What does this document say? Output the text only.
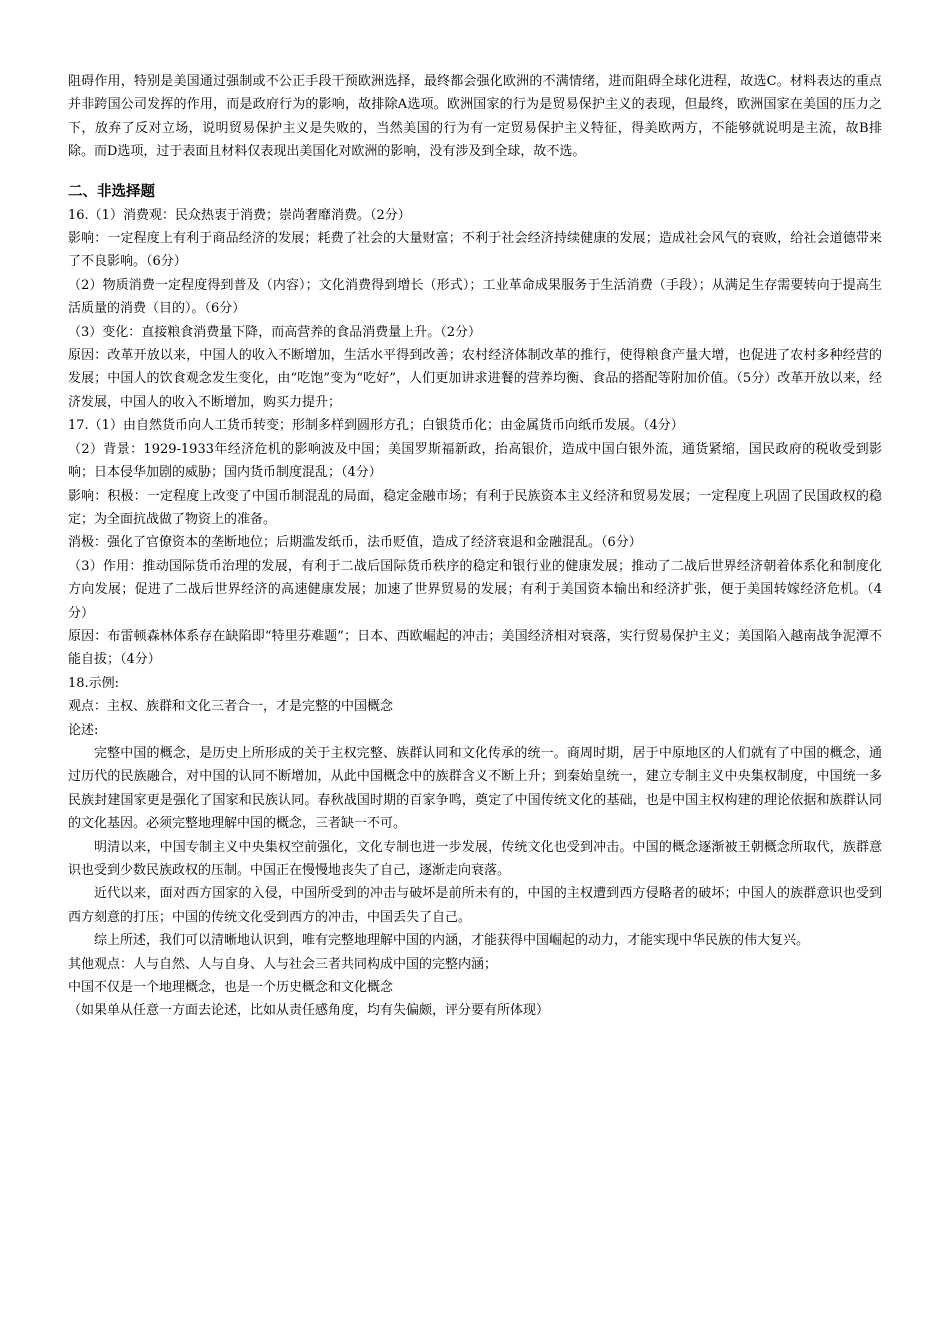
阻碍作用，特别是美国通过强制或不公正手段干预欧洲选择，最终都会强化欧洲的不满情绪，进而阻碍全球化进程，故选C。材料表达的重点并非跨国公司发挥的作用，而是政府行为的影响，故排除A选项。欧洲国家的行为是贸易保护主义的表现，但最终，欧洲国家在美国的压力之下，放弃了反对立场，说明贸易保护主义是失败的，当然美国的行为有一定贸易保护主义特征，得美欧两方，不能够就说明是主流，故B排除。而D选项，过于表面且材料仅表现出美国化对欧洲的影响，没有涉及到全球，故不选。

二、非选择题

16.（1）消费观：民众热衷于消费；崇尚奢靡消费。（2分）

影响：一定程度上有利于商品经济的发展；耗费了社会的大量财富；不利于社会经济持续健康的发展；造成社会风气的衰败，给社会道德带来了不良影响。（6分）

（2）物质消费一定程度得到普及（内容）；文化消费得到增长（形式）；工业革命成果服务于生活消费（手段）；从满足生存需要转向于提高生活质量的消费（目的）。（6分）

（3）变化：直接粮食消费量下降，而高营养的食品消费量上升。（2分）

原因：改革开放以来，中国人的收入不断增加，生活水平得到改善；农村经济体制改革的推行，使得粮食产量大增，也促进了农村多种经营的发展；中国人的饮食观念发生变化，由“吃饱”变为“吃好”，人们更加讲求进餐的营养均衡、食品的搭配等附加价值。（5分）改革开放以来，经济发展，中国人的收入不断增加，购买力提升；

17.（1）由自然货币向人工货币转变；形制多样到圆形方孔；白银货币化；由金属货币向纸币发展。（4分）

（2）背景：1929-1933年经济危机的影响波及中国；美国罗斯福新政，抬高银价，造成中国白银外流，通货紧缩，国民政府的税收受到影响；日本侵华加剧的威胁；国内货币制度混乱；（4分）

影响：积极：一定程度上改变了中国币制混乱的局面，稳定金融市场；有利于民族资本主义经济和贸易发展；一定程度上巩固了民国政权的稳定；为全面抗战做了物资上的准备。

消极：强化了官僚资本的垄断地位；后期滥发纸币，法币贬值，造成了经济衰退和金融混乱。（6分）

（3）作用：推动国际货币治理的发展，有利于二战后国际货币秩序的稳定和银行业的健康发展；推动了二战后世界经济朝着体系化和制度化方向发展；促进了二战后世界经济的高速健康发展；加速了世界贸易的发展；有利于美国资本输出和经济扩张，便于美国转嫁经济危机。（4分）

原因：布雷顿森林体系存在缺陷即“特里芬难题”；日本、西欧崛起的冲击；美国经济相对衰落，实行贸易保护主义；美国陷入越南战争泥潭不能自拔；（4分）

18.示例:

观点：主权、族群和文化三者合一，才是完整的中国概念

论述:

完整中国的概念，是历史上所形成的关于主权完整、族群认同和文化传承的统一。商周时期，居于中原地区的人们就有了中国的概念，通过历代的民族融合，对中国的认同不断增加，从此中国概念中的族群含义不断上升；到秦始皇统一，建立专制主义中央集权制度，中国统一多民族封建国家更是强化了国家和民族认同。春秋战国时期的百家争鸣，奠定了中国传统文化的基础，也是中国主权构建的理论依据和族群认同的文化基因。必须完整地理解中国的概念，三者缺一不可。

明清以来，中国专制主义中央集权空前强化，文化专制也进一步发展，传统文化也受到冲击。中国的概念逐渐被王朝概念所取代，族群意识也受到少数民族政权的压制。中国正在慢慢地丧失了自己，逐渐走向衰落。

近代以来，面对西方国家的入侵，中国所受到的冲击与破坏是前所未有的，中国的主权遭到西方侵略者的破坏；中国人的族群意识也受到西方刻意的打压；中国的传统文化受到西方的冲击，中国丢失了自己。

综上所述，我们可以清晰地认识到，唯有完整地理解中国的内涵，才能获得中国崛起的动力，才能实现中华民族的伟大复兴。

其他观点：人与自然、人与自身、人与社会三者共同构成中国的完整内涵；

中国不仅是一个地理概念，也是一个历史概念和文化概念

（如果单从任意一方面去论述，比如从责任感角度，均有失偏颇，评分要有所体现）
